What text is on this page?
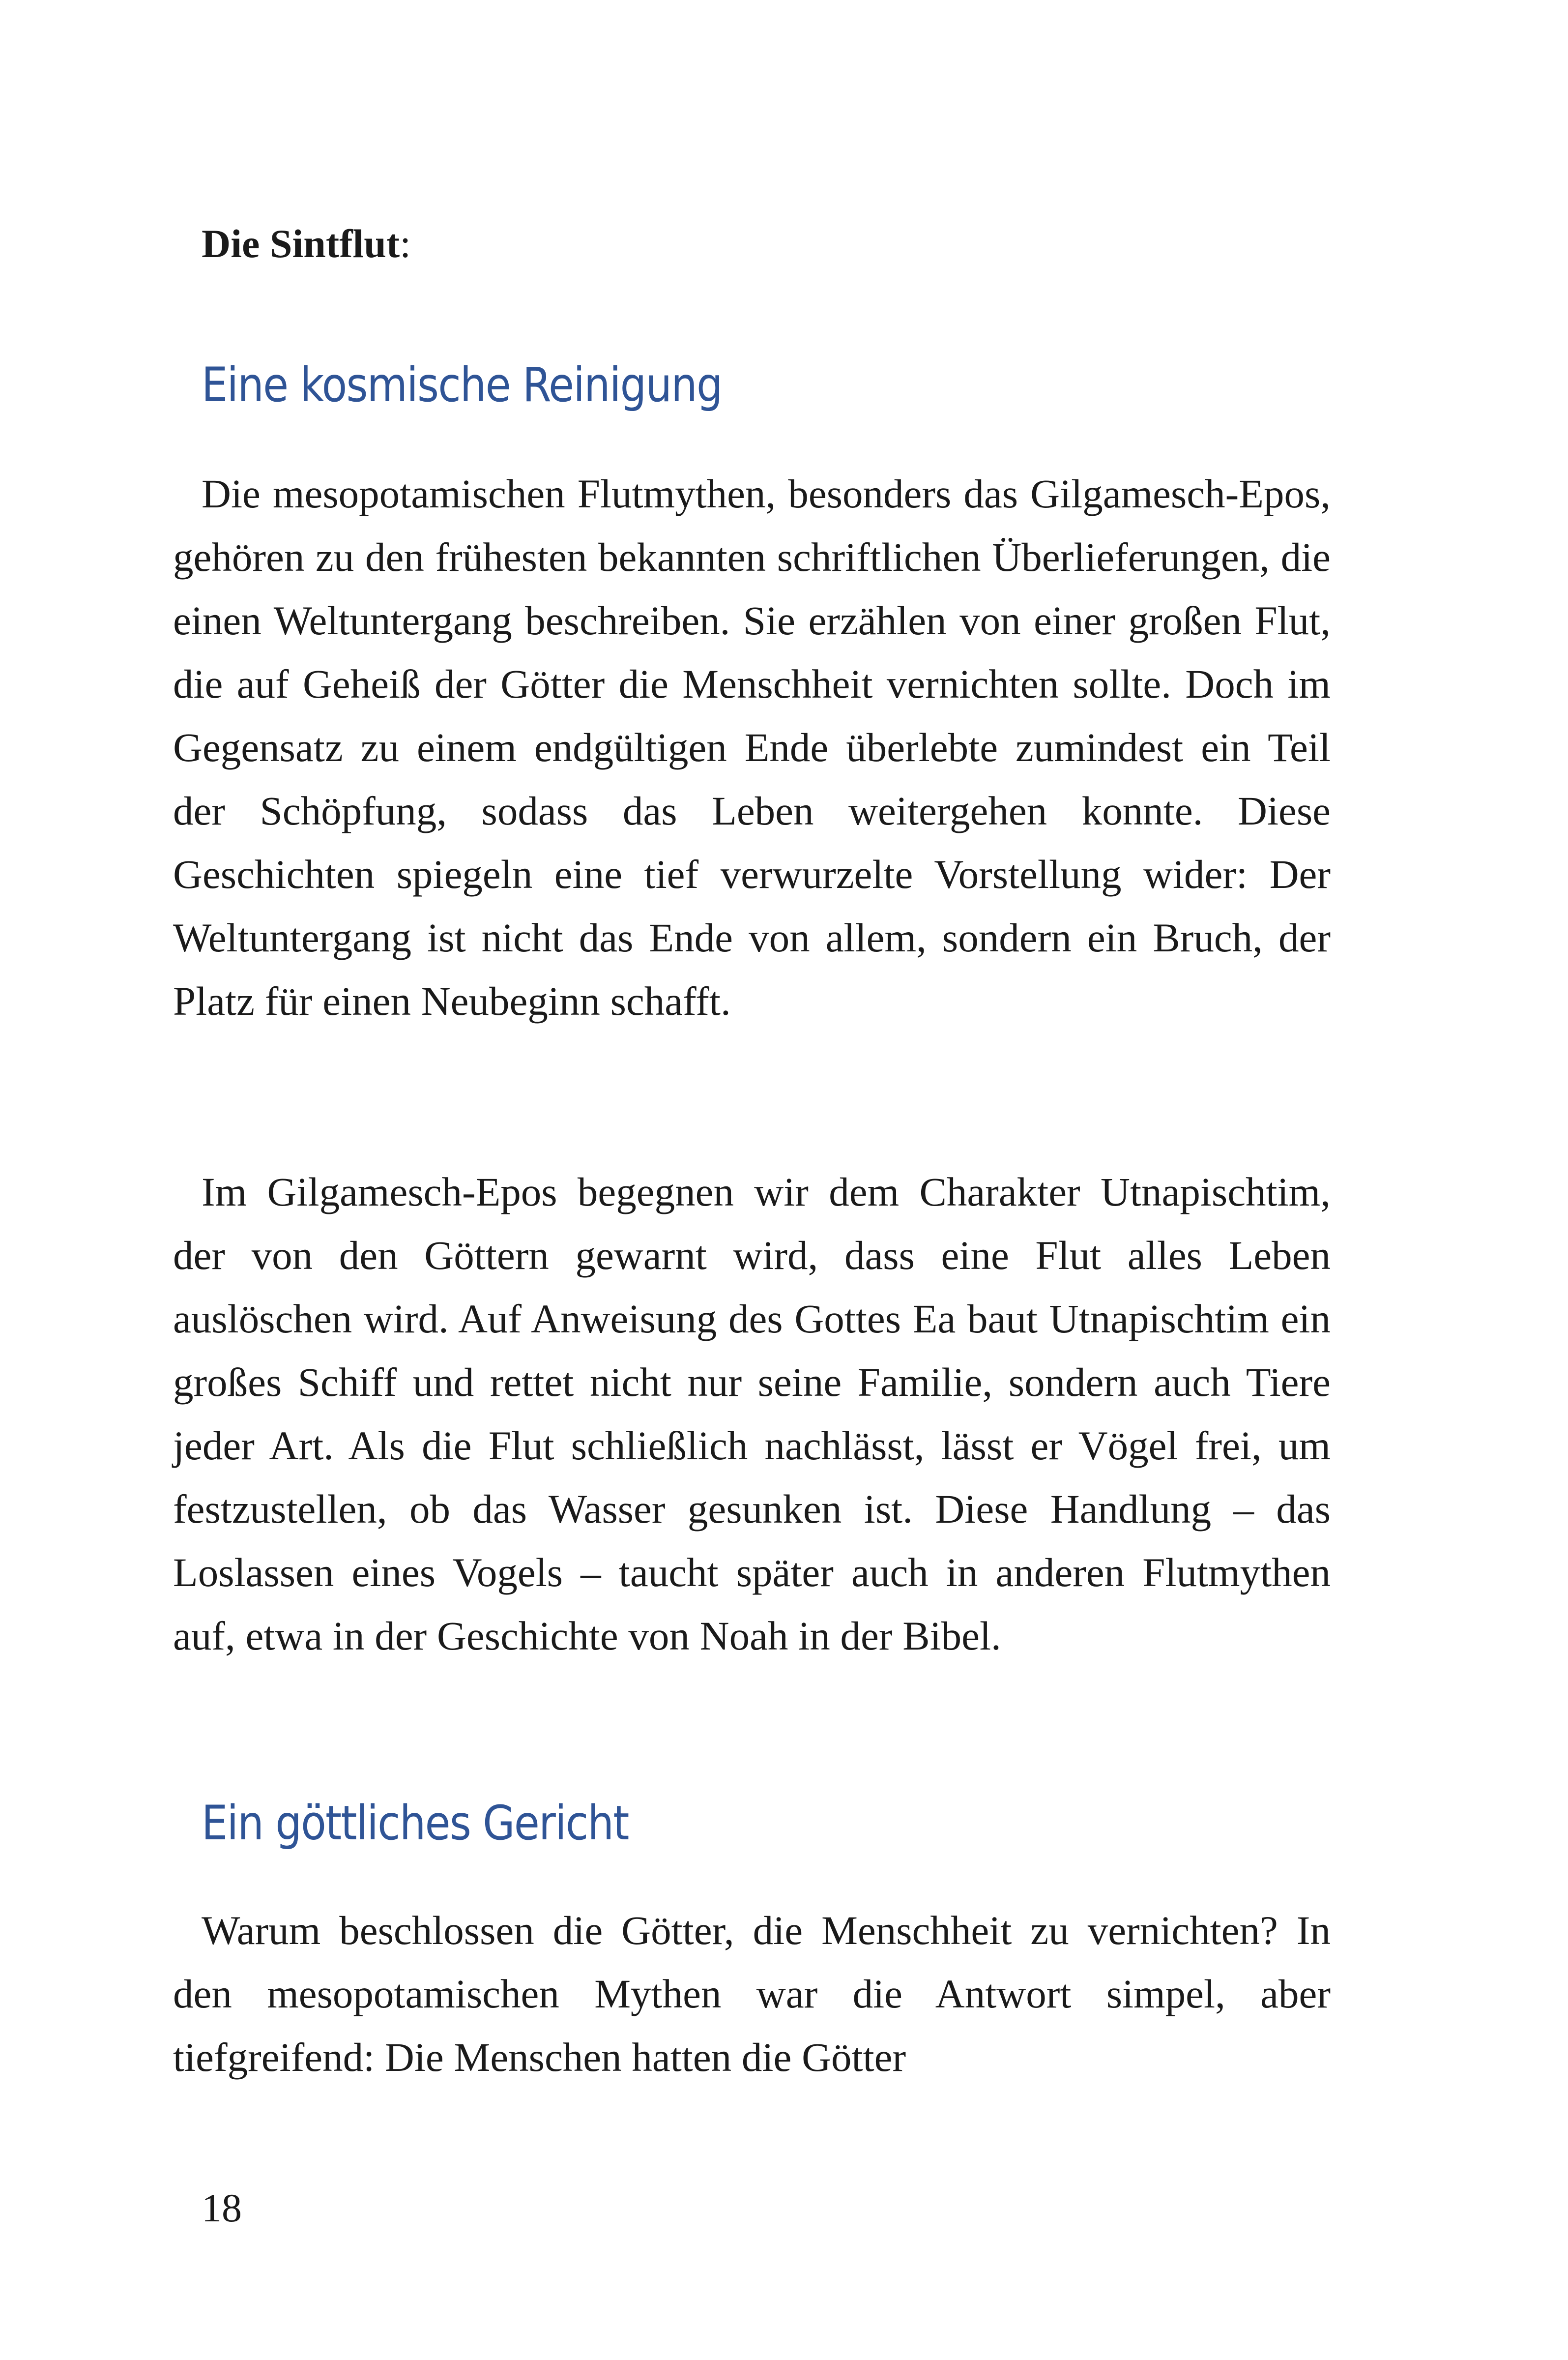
Die Sintflut:
Eine kosmische Reinigung

Die mesopotamischen Flutmythen, besonders das Gilgamesch-Epos, gehören zu den frühesten bekannten schriftlichen Überlieferungen, die einen Weltuntergang beschreiben. Sie erzählen von einer großen Flut, die auf Geheiß der Götter die Menschheit vernichten sollte. Doch im Gegensatz zu einem endgültigen Ende überlebte zumindest ein Teil der Schöpfung, sodass das Leben weitergehen konnte. Diese Geschichten spiegeln eine tief verwurzelte Vorstellung wider: Der Weltuntergang ist nicht das Ende von allem, sondern ein Bruch, der Platz für einen Neubeginn schafft.

Im Gilgamesch-Epos begegnen wir dem Charakter Utnapischtim, der von den Göttern gewarnt wird, dass eine Flut alles Leben auslöschen wird. Auf Anweisung des Gottes Ea baut Utnapischtim ein großes Schiff und rettet nicht nur seine Familie, sondern auch Tiere jeder Art. Als die Flut schließlich nachlässt, lässt er Vögel frei, um festzustellen, ob das Wasser gesunken ist. Diese Handlung – das Loslassen eines Vogels – taucht später auch in anderen Flutmythen auf, etwa in der Geschichte von Noah in der Bibel.

Ein göttliches Gericht

Warum beschlossen die Götter, die Menschheit zu vernichten? In den mesopotamischen Mythen war die Antwort simpel, aber tiefgreifend: Die Menschen hatten die Götter

18
